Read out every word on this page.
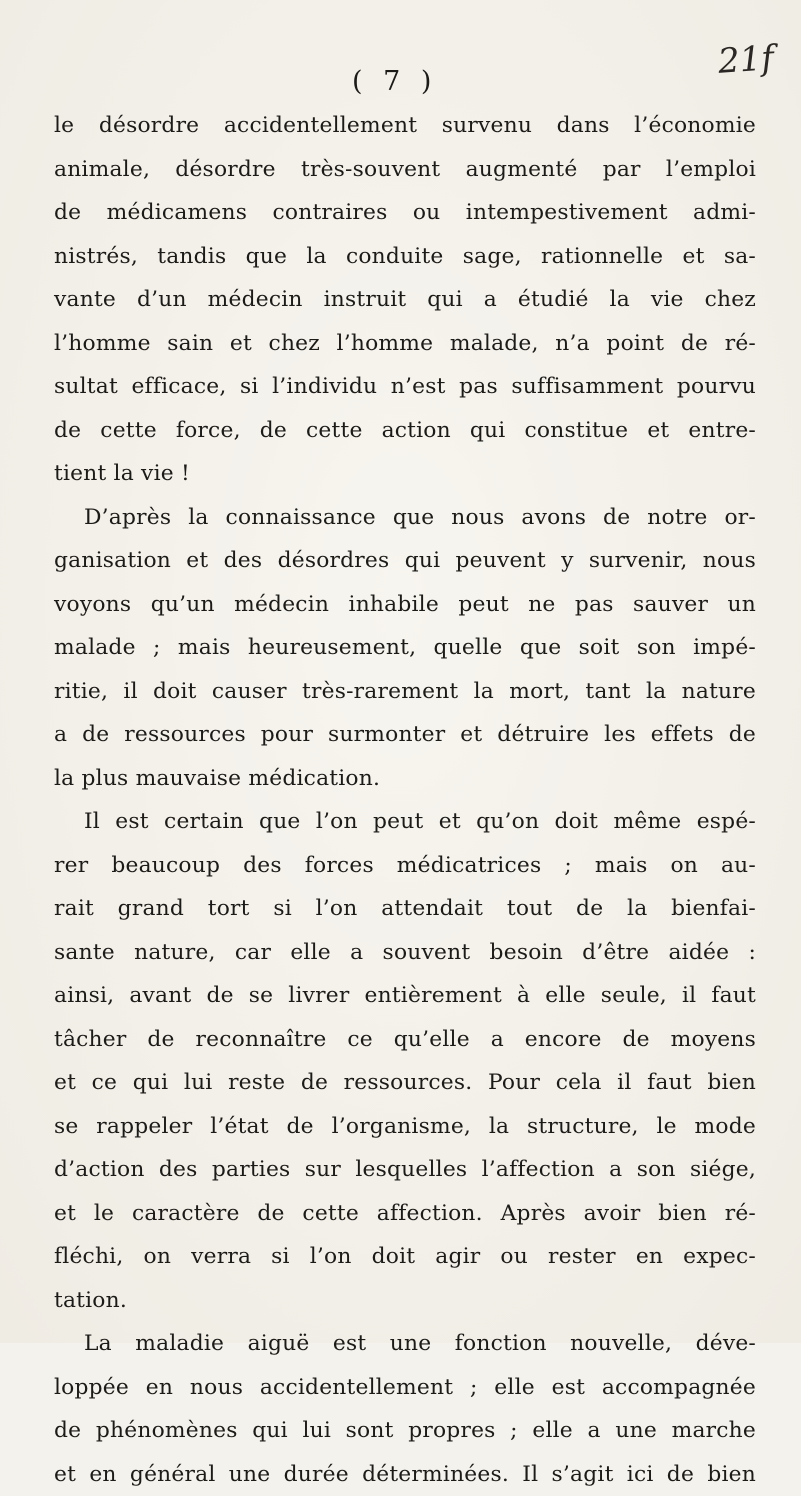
( 7 )	21f
le désordre accidentellement survenu dans l’économie
animale, désordre très-souvent augmenté par l’emploi
de médicamens contraires ou intempestivement admi-
nistrés, tandis que la conduite sage, rationnelle et sa-
vante d’un médecin instruit qui a étudié la vie chez
l’homme sain et chez l’homme malade, n’a point de ré-
sultat efficace, si l’individu n’est pas suffisamment pourvu
de cette force, de cette action qui constitue et entre-
tient la vie !
D’après la connaissance que nous avons de notre or-
ganisation et des désordres qui peuvent y survenir, nous
voyons qu’un médecin inhabile peut ne pas sauver un
malade ; mais heureusement, quelle que soit son impé-
ritie, il doit causer très-rarement la mort, tant la nature
a de ressources pour surmonter et détruire les effets de
la plus mauvaise médication.
Il est certain que l’on peut et qu’on doit même espé-
rer beaucoup des forces médicatrices ; mais on au-
rait grand tort si l’on attendait tout de la bienfai-
sante nature, car elle a souvent besoin d’être aidée :
ainsi, avant de se livrer entièrement à elle seule, il faut
tâcher de reconnaître ce qu’elle a encore de moyens
et ce qui lui reste de ressources. Pour cela il faut bien
se rappeler l’état de l’organisme, la structure, le mode
d’action des parties sur lesquelles l’affection a son siége,
et le caractère de cette affection. Après avoir bien ré-
fléchi, on verra si l’on doit agir ou rester en expec-
tation.
La maladie aiguë est une fonction nouvelle, déve-
loppée en nous accidentellement ; elle est accompagnée
de phénomènes qui lui sont propres ; elle a une marche
et en général une durée déterminées. Il s’agit ici de bien
